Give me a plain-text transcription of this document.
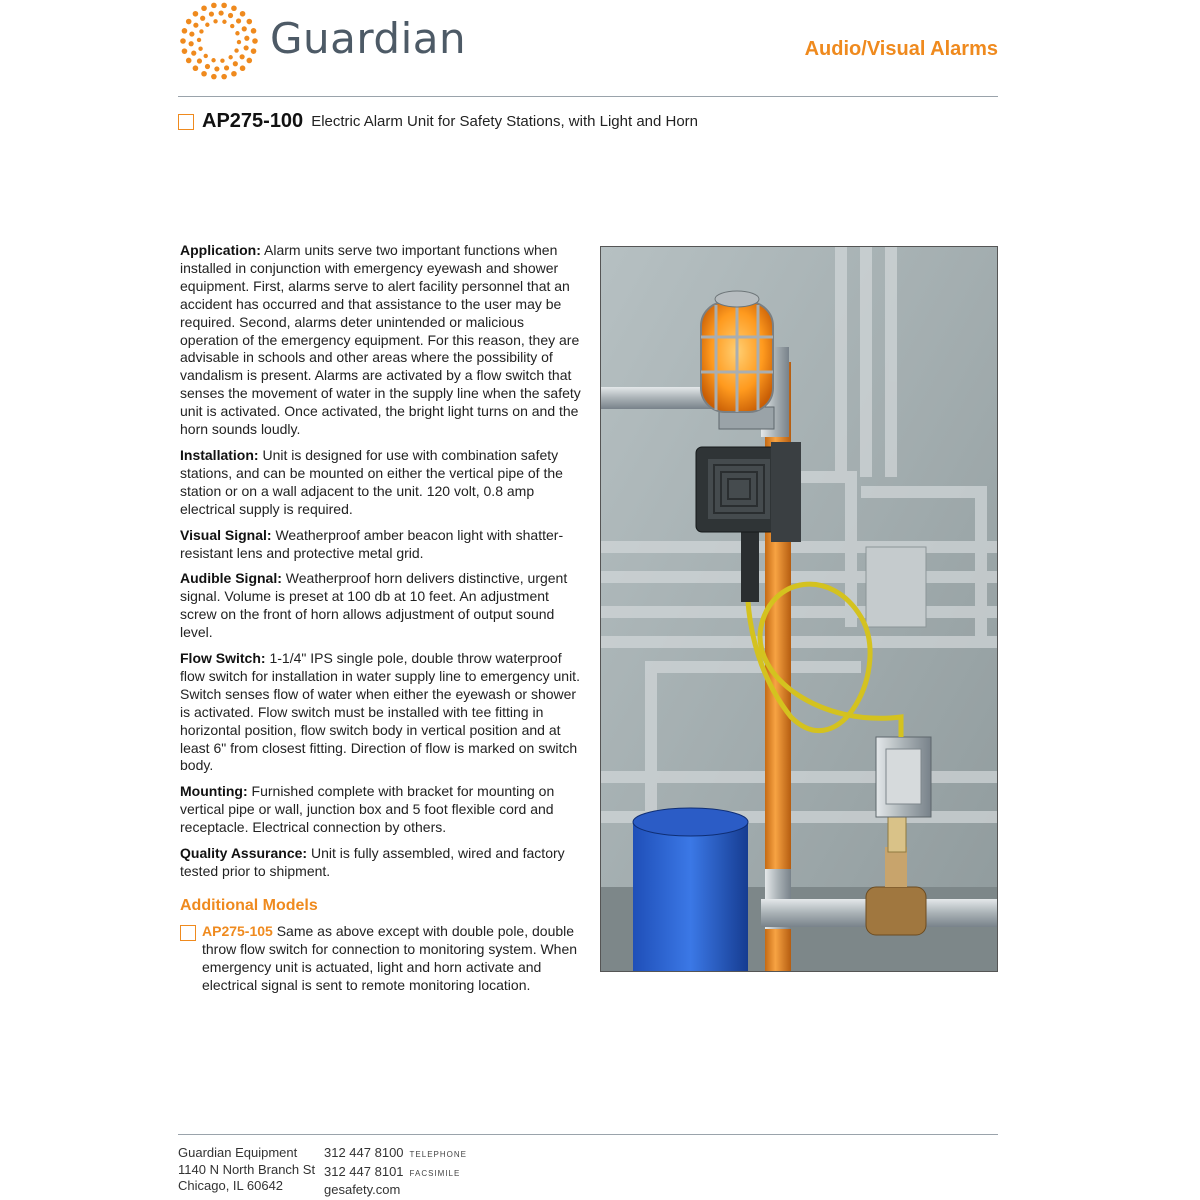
Guardian	Audio/Visual Alarms
AP275-100 Electric Alarm Unit for Safety Stations, with Light and Horn

Application: Alarm units serve two important functions when installed in conjunction with emergency eyewash and shower equipment. First, alarms serve to alert facility personnel that an accident has occurred and that assistance to the user may be required. Second, alarms deter unintended or malicious operation of the emergency equipment. For this reason, they are advisable in schools and other areas where the possibility of vandalism is present. Alarms are activated by a flow switch that senses the movement of water in the supply line when the safety unit is activated. Once activated, the bright light turns on and the horn sounds loudly.

Installation: Unit is designed for use with combination safety stations, and can be mounted on either the vertical pipe of the station or on a wall adjacent to the unit. 120 volt, 0.8 amp electrical supply is required.

Visual Signal: Weatherproof amber beacon light with shatter-resistant lens and protective metal grid.

Audible Signal: Weatherproof horn delivers distinctive, urgent signal. Volume is preset at 100 db at 10 feet. An adjustment screw on the front of horn allows adjustment of output sound level.

Flow Switch: 1-1/4" IPS single pole, double throw waterproof flow switch for installation in water supply line to emergency unit. Switch senses flow of water when either the eyewash or shower is activated. Flow switch must be installed with tee fitting in horizontal position, flow switch body in vertical position and at least 6" from closest fitting. Direction of flow is marked on switch body.

Mounting: Furnished complete with bracket for mounting on vertical pipe or wall, junction box and 5 foot flexible cord and receptacle. Electrical connection by others.

Quality Assurance: Unit is fully assembled, wired and factory tested prior to shipment.

Additional Models
AP275-105 Same as above except with double pole, double throw flow switch for connection to monitoring system. When emergency unit is actuated, light and horn activate and electrical signal is sent to remote monitoring location.
Guardian Equipment
1140 N North Branch St
Chicago, IL 60642
312 447 8100 TELEPHONE
312 447 8101 FACSIMILE
gesafety.com
